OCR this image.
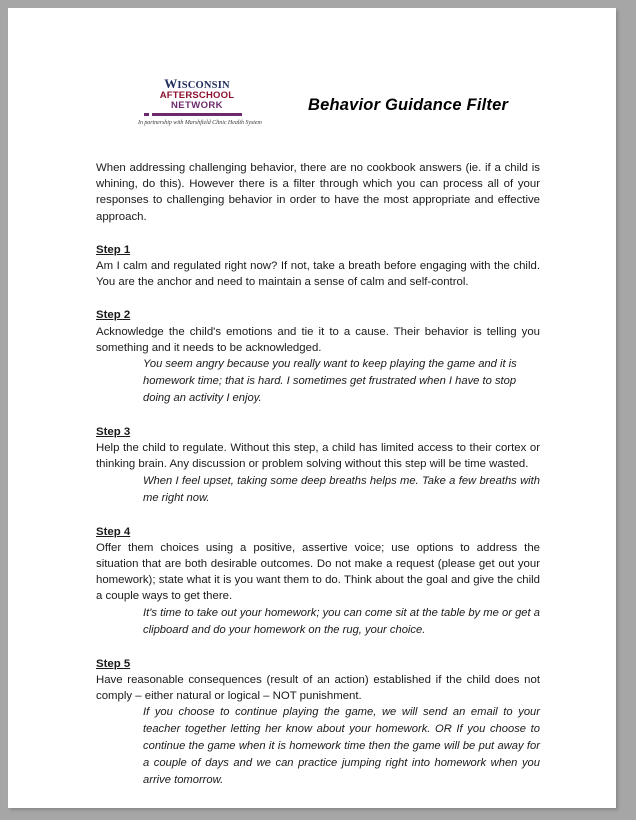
WISCONSIN
AFTERSCHOOL
NETWORK
In partnership with Marshfield Clinic Health System
Behavior Guidance Filter

When addressing challenging behavior, there are no cookbook answers (ie. if a child is whining, do this). However there is a filter through which you can process all of your responses to challenging behavior in order to have the most appropriate and effective approach.

Step 1

Am I calm and regulated right now? If not, take a breath before engaging with the child. You are the anchor and need to maintain a sense of calm and self-control.

Step 2

Acknowledge the child's emotions and tie it to a cause. Their behavior is telling you something and it needs to be acknowledged.

You seem angry because you really want to keep playing the game and it is homework time; that is hard. I sometimes get frustrated when I have to stop doing an activity I enjoy.

Step 3

Help the child to regulate. Without this step, a child has limited access to their cortex or thinking brain. Any discussion or problem solving without this step will be time wasted.

When I feel upset, taking some deep breaths helps me. Take a few breaths with me right now.

Step 4

Offer them choices using a positive, assertive voice; use options to address the situation that are both desirable outcomes. Do not make a request (please get out your homework); state what it is you want them to do. Think about the goal and give the child a couple ways to get there.

It's time to take out your homework; you can come sit at the table by me or get a clipboard and do your homework on the rug, your choice.

Step 5

Have reasonable consequences (result of an action) established if the child does not comply – either natural or logical – NOT punishment.

If you choose to continue playing the game, we will send an email to your teacher together letting her know about your homework. OR If you choose to continue the game when it is homework time then the game will be put away for a couple of days and we can practice jumping right into homework when you arrive tomorrow.
